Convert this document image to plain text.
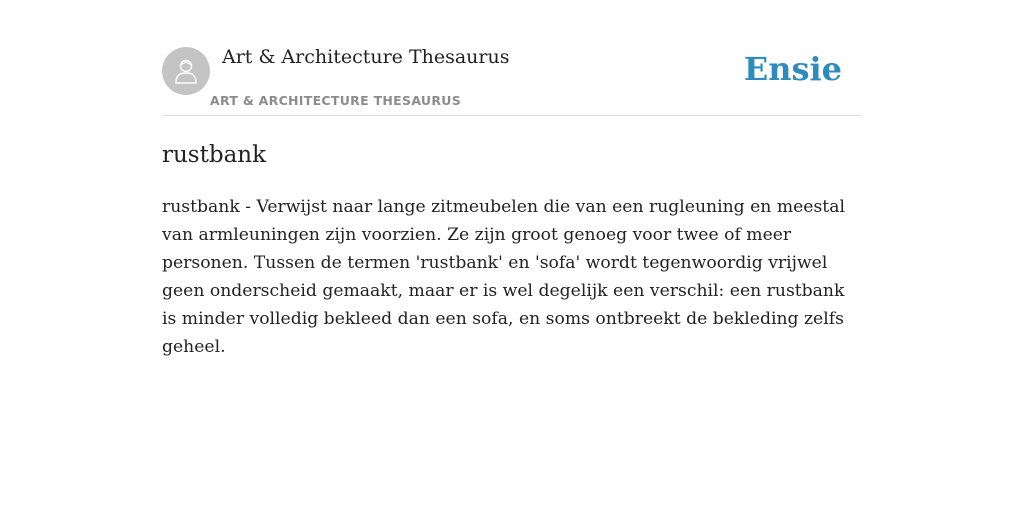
Art & Architecture Thesaurus
ART & ARCHITECTURE THESAURUS
Ensie
rustbank

rustbank - Verwijst naar lange zitmeubelen die van een rugleuning en meestal van armleuningen zijn voorzien. Ze zijn groot genoeg voor twee of meer personen. Tussen de termen 'rustbank' en 'sofa' wordt tegenwoordig vrijwel geen onderscheid gemaakt, maar er is wel degelijk een verschil: een rustbank is minder volledig bekleed dan een sofa, en soms ontbreekt de bekleding zelfs geheel.
